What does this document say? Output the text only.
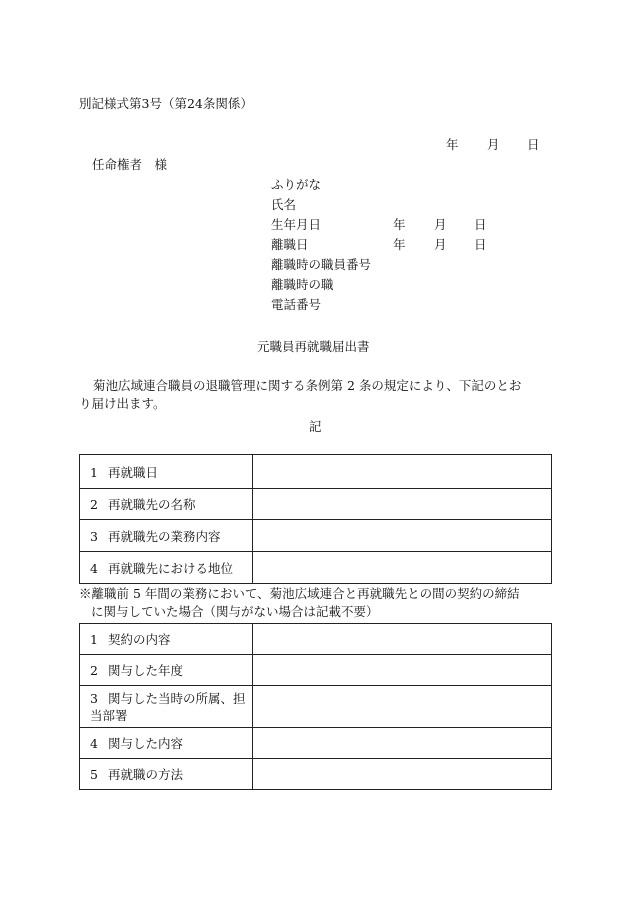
別記様式第3号（第24条関係）
年 月 日
任命権者　様
ふりがな
氏名
生年月日	年 月 日
離職日	年 月 日
離職時の職員番号
離職時の職
電話番号
元職員再就職届出書
菊池広域連合職員の退職管理に関する条例第 2 条の規定により、下記のとお
り届け出ます。
記
1 再就職日	
2 再就職先の名称	
3 再就職先の業務内容	
4 再就職先における地位	
※離職前 5 年間の業務において、菊池広域連合と再就職先との間の契約の締結
に関与していた場合（関与がない場合は記載不要）
1 契約の内容	
2 関与した年度	
3 関与した当時の所属、担当部署	
4 関与した内容	
5 再就職の方法	
